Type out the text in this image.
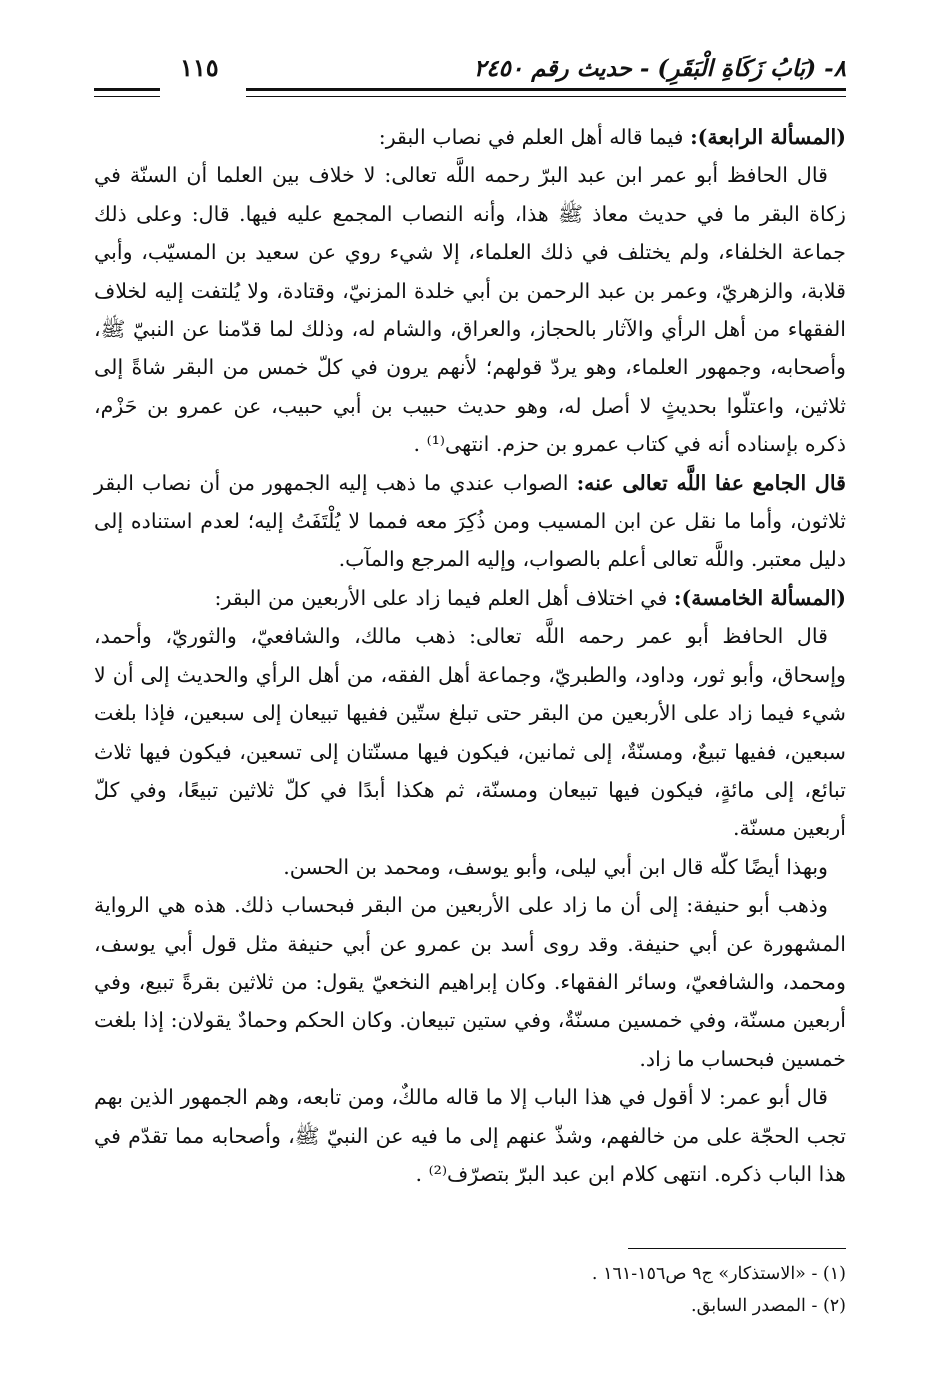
٨- (بَابُ زَكَاةِ الْبَقَرِ) - حديث رقم ٢٤٥٠
١١٥

(المسألة الرابعة): فيما قاله أهل العلم في نصاب البقر:

قال الحافظ أبو عمر ابن عبد البرّ رحمه اللَّه تعالى: لا خلاف بين العلما أن السنّة في زكاة البقر ما في حديث معاذ ﷺ هذا، وأنه النصاب المجمع عليه فيها. قال: وعلى ذلك جماعة الخلفاء، ولم يختلف في ذلك العلماء، إلا شيء روي عن سعيد بن المسيّب، وأبي قلابة، والزهريّ، وعمر بن عبد الرحمن بن أبي خلدة المزنيّ، وقتادة، ولا يُلتفت إليه لخلاف الفقهاء من أهل الرأي والآثار بالحجاز، والعراق، والشام له، وذلك لما قدّمنا عن النبيّ ﷺ، وأصحابه، وجمهور العلماء، وهو يردّ قولهم؛ لأنهم يرون في كلّ خمس من البقر شاةً إلى ثلاثين، واعتلّوا بحديثٍ لا أصل له، وهو حديث حبيب بن أبي حبيب، عن عمرو بن حَزْم، ذكره بإسناده أنه في كتاب عمرو بن حزم. انتهى⁽¹⁾ .

قال الجامع عفا اللَّه تعالى عنه: الصواب عندي ما ذهب إليه الجمهور من أن نصاب البقر ثلاثون، وأما ما نقل عن ابن المسيب ومن ذُكِرَ معه فمما لا يُلْتَفَتُ إليه؛ لعدم استناده إلى دليل معتبر. واللَّه تعالى أعلم بالصواب، وإليه المرجع والمآب.

(المسألة الخامسة): في اختلاف أهل العلم فيما زاد على الأربعين من البقر:

قال الحافظ أبو عمر رحمه اللَّه تعالى: ذهب مالك، والشافعيّ، والثوريّ، وأحمد، وإسحاق، وأبو ثور، وداود، والطبريّ، وجماعة أهل الفقه، من أهل الرأي والحديث إلى أن لا شيء فيما زاد على الأربعين من البقر حتى تبلغ ستّين ففيها تبيعان إلى سبعين، فإذا بلغت سبعين، ففيها تبيعٌ، ومسنّةٌ، إلى ثمانين، فيكون فيها مسنّتان إلى تسعين، فيكون فيها ثلاث تبائع، إلى مائةٍ، فيكون فيها تبيعان ومسنّة، ثم هكذا أبدًا في كلّ ثلاثين تبيعًا، وفي كلّ أربعين مسنّة.

وبهذا أيضًا كلّه قال ابن أبي ليلى، وأبو يوسف، ومحمد بن الحسن.

وذهب أبو حنيفة: إلى أن ما زاد على الأربعين من البقر فبحساب ذلك. هذه هي الرواية المشهورة عن أبي حنيفة. وقد روى أسد بن عمرو عن أبي حنيفة مثل قول أبي يوسف، ومحمد، والشافعيّ، وسائر الفقهاء. وكان إبراهيم النخعيّ يقول: من ثلاثين بقرةً تبيع، وفي أربعين مسنّة، وفي خمسين مسنّةٌ، وفي ستين تبيعان. وكان الحكم وحمادٌ يقولان: إذا بلغت خمسين فبحساب ما زاد.

قال أبو عمر: لا أقول في هذا الباب إلا ما قاله مالكٌ، ومن تابعه، وهم الجمهور الذين بهم تجب الحجّة على من خالفهم، وشذّ عنهم إلى ما فيه عن النبيّ ﷺ، وأصحابه مما تقدّم في هذا الباب ذكره. انتهى كلام ابن عبد البرّ بتصرّف⁽²⁾ .

(١) - «الاستذكار» ج٩ ص١٥٦-١٦١ .
(٢) - المصدر السابق.
